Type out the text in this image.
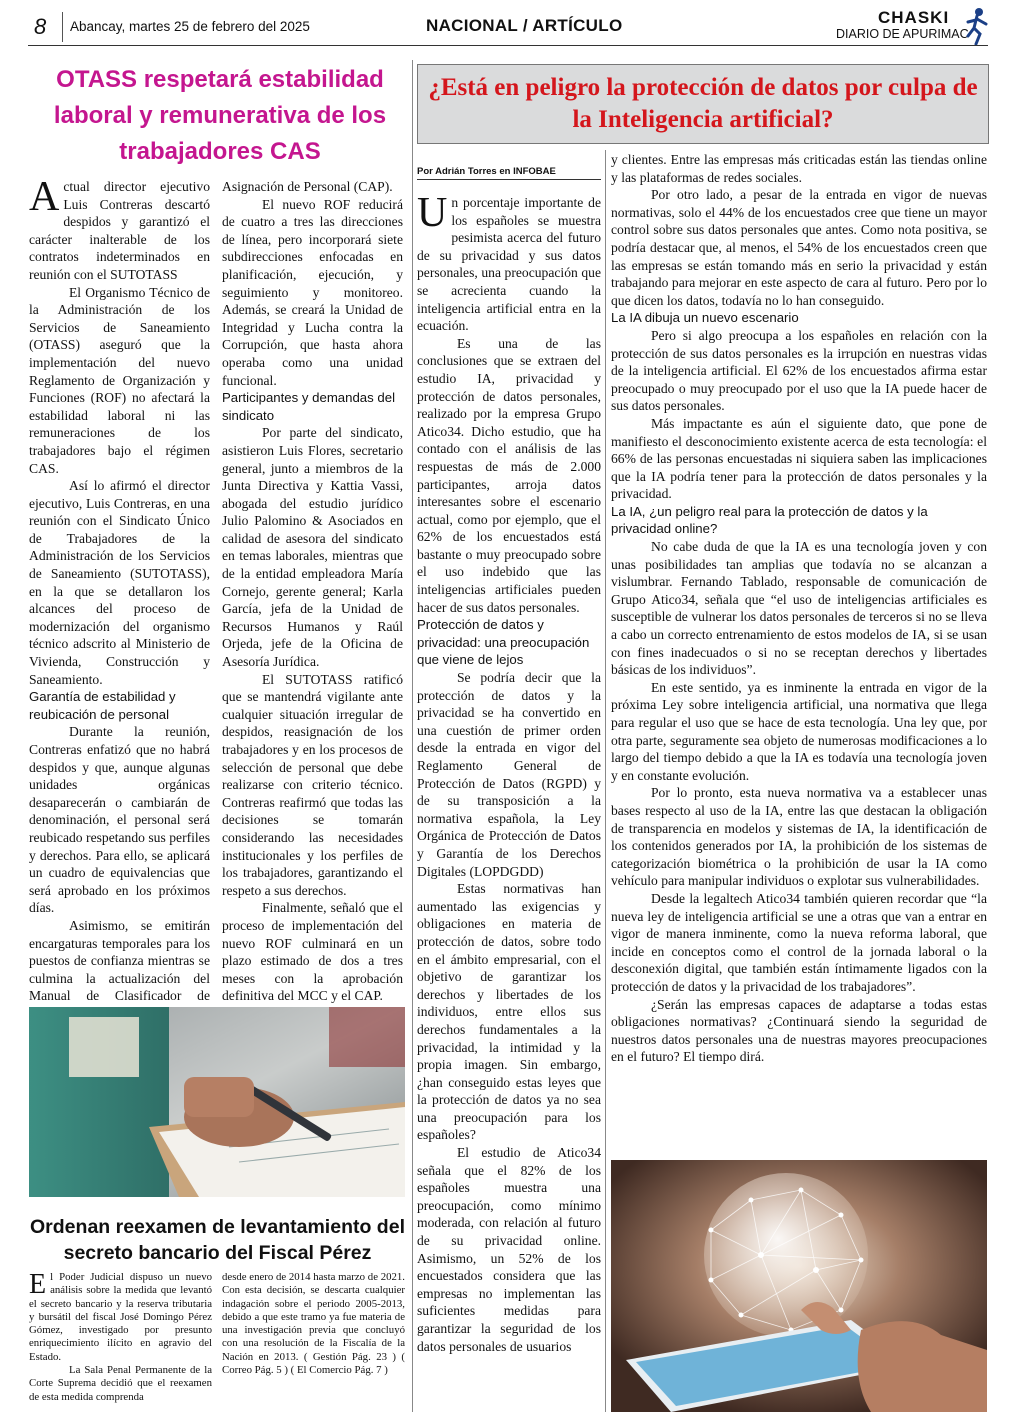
8 Abancay, martes 25 de febrero del 2025	NACIONAL / ARTÍCULO	CHASKI
DIARIO DE APURIMAC
OTASS respetará estabilidad laboral y remunerativa de los trabajadores CAS

Actual director ejecutivo Luis Contreras descartó despidos y garantizó el carácter inalterable de los contratos indeterminados en reunión con el SUTOTASS

El Organismo Técnico de la Administración de los Servicios de Saneamiento (OTASS) aseguró que la implementación del nuevo Reglamento de Organización y Funciones (ROF) no afectará la estabilidad laboral ni las remuneraciones de los trabajadores bajo el régimen CAS.

Así lo afirmó el director ejecutivo, Luis Contreras, en una reunión con el Sindicato Único de Trabajadores de la Administración de los Servicios de Saneamiento (SUTOTASS), en la que se detallaron los alcances del proceso de modernización del organismo técnico adscrito al Ministerio de Vivienda, Construcción y Saneamiento.

Garantía de estabilidad y reubicación de personal

Durante la reunión, Contreras enfatizó que no habrá despidos y que, aunque algunas unidades orgánicas desaparecerán o cambiarán de denominación, el personal será reubicado respetando sus perfiles y derechos. Para ello, se aplicará un cuadro de equivalencias que será aprobado en los próximos días.

Asimismo, se emitirán encargaturas temporales para los puestos de confianza mientras se culmina la actualización del Manual de Clasificador de

Asignación de Personal (CAP).

El nuevo ROF reducirá de cuatro a tres las direcciones de línea, pero incorporará siete subdirecciones enfocadas en planificación, ejecución, y seguimiento y monitoreo. Además, se creará la Unidad de Integridad y Lucha contra la Corrupción, que hasta ahora operaba como una unidad funcional.

Participantes y demandas del sindicato

Por parte del sindicato, asistieron Luis Flores, secretario general, junto a miembros de la Junta Directiva y Kattia Vassi, abogada del estudio jurídico Julio Palomino & Asociados en calidad de asesora del sindicato en temas laborales, mientras que de la entidad empleadora María Cornejo, gerente general; Karla García, jefa de la Unidad de Recursos Humanos y Raúl Orjeda, jefe de la Oficina de Asesoría Jurídica.

El SUTOTASS ratificó que se mantendrá vigilante ante cualquier situación irregular de despidos, reasignación de los trabajadores y en los procesos de selección de personal que debe realizarse con criterio técnico. Contreras reafirmó que todas las decisiones se tomarán considerando las necesidades institucionales y los perfiles de los trabajadores, garantizando el respeto a sus derechos.

Finalmente, señaló que el proceso de implementación del nuevo ROF culminará en un plazo estimado de dos a tres meses con la aprobación definitiva del MCC y el CAP.

Ordenan reexamen de levantamiento del secreto bancario del Fiscal Pérez

El Poder Judicial dispuso un nuevo análisis sobre la medida que levantó el secreto bancario y la reserva tributaria y bursátil del fiscal José Domingo Pérez Gómez, investigado por presunto enriquecimiento ilícito en agravio del Estado.

La Sala Penal Permanente de la Corte Suprema decidió que el reexamen de esta medida comprenda

desde enero de 2014 hasta marzo de 2021. Con esta decisión, se descarta cualquier indagación sobre el periodo 2005-2013, debido a que este tramo ya fue materia de una investigación previa que concluyó con una resolución de la Fiscalía de la Nación en 2013. ( Gestión Pág. 23 ) ( Correo Pág. 5 ) ( El Comercio Pág. 7 )

¿Está en peligro la protección de datos por culpa de la Inteligencia artificial?
Por Adrián Torres en INFOBAE

Un porcentaje importante de los españoles se muestra pesimista acerca del futuro de su privacidad y sus datos personales, una preocupación que se acrecienta cuando la inteligencia artificial entra en la ecuación.

Es una de las conclusiones que se extraen del estudio IA, privacidad y protección de datos personales, realizado por la empresa Grupo Atico34. Dicho estudio, que ha contado con el análisis de las respuestas de más de 2.000 participantes, arroja datos interesantes sobre el escenario actual, como por ejemplo, que el 62% de los encuestados está bastante o muy preocupado sobre el uso indebido que las inteligencias artificiales pueden hacer de sus datos personales.

Protección de datos y privacidad: una preocupación que viene de lejos

Se podría decir que la protección de datos y la privacidad se ha convertido en una cuestión de primer orden desde la entrada en vigor del Reglamento General de Protección de Datos (RGPD) y de su transposición a la normativa española, la Ley Orgánica de Protección de Datos y Garantía de los Derechos Digitales (LOPDGDD)

Estas normativas han aumentado las exigencias y obligaciones en materia de protección de datos, sobre todo en el ámbito empresarial, con el objetivo de garantizar los derechos y libertades de los individuos, entre ellos sus derechos fundamentales a la privacidad, la intimidad y la propia imagen. Sin embargo, ¿han conseguido estas leyes que la protección de datos ya no sea una preocupación para los españoles?

El estudio de Atico34 señala que el 82% de los españoles muestra una preocupación, como mínimo moderada, con relación al futuro de su privacidad online. Asimismo, un 52% de los encuestados considera que las empresas no implementan las suficientes medidas para garantizar la seguridad de los datos personales de usuarios

y clientes. Entre las empresas más criticadas están las tiendas online y las plataformas de redes sociales.

Por otro lado, a pesar de la entrada en vigor de nuevas normativas, solo el 44% de los encuestados cree que tiene un mayor control sobre sus datos personales que antes. Como nota positiva, se podría destacar que, al menos, el 54% de los encuestados creen que las empresas se están tomando más en serio la privacidad y están trabajando para mejorar en este aspecto de cara al futuro. Pero por lo que dicen los datos, todavía no lo han conseguido.

La IA dibuja un nuevo escenario

Pero si algo preocupa a los españoles en relación con la protección de sus datos personales es la irrupción en nuestras vidas de la inteligencia artificial. El 62% de los encuestados afirma estar preocupado o muy preocupado por el uso que la IA puede hacer de sus datos personales.

Más impactante es aún el siguiente dato, que pone de manifiesto el desconocimiento existente acerca de esta tecnología: el 66% de las personas encuestadas ni siquiera saben las implicaciones que la IA podría tener para la protección de datos personales y la privacidad.

La IA, ¿un peligro real para la protección de datos y la privacidad online?

No cabe duda de que la IA es una tecnología joven y con unas posibilidades tan amplias que todavía no se alcanzan a vislumbrar. Fernando Tablado, responsable de comunicación de Grupo Atico34, señala que “el uso de inteligencias artificiales es susceptible de vulnerar los datos personales de terceros si no se lleva a cabo un correcto entrenamiento de estos modelos de IA, si se usan con fines inadecuados o si no se receptan derechos y libertades básicas de los individuos”.

En este sentido, ya es inminente la entrada en vigor de la próxima Ley sobre inteligencia artificial, una normativa que llega para regular el uso que se hace de esta tecnología. Una ley que, por otra parte, seguramente sea objeto de numerosas modificaciones a lo largo del tiempo debido a que la IA es todavía una tecnología joven y en constante evolución.

Por lo pronto, esta nueva normativa va a establecer unas bases respecto al uso de la IA, entre las que destacan la obligación de transparencia en modelos y sistemas de IA, la identificación de los contenidos generados por IA, la prohibición de los sistemas de categorización biométrica o la prohibición de usar la IA como vehículo para manipular individuos o explotar sus vulnerabilidades.

Desde la legaltech Atico34 también quieren recordar que “la nueva ley de inteligencia artificial se une a otras que van a entrar en vigor de manera inminente, como la nueva reforma laboral, que incide en conceptos como el control de la jornada laboral o la desconexión digital, que también están íntimamente ligados con la protección de datos y la privacidad de los trabajadores”.

¿Serán las empresas capaces de adaptarse a todas estas obligaciones normativas? ¿Continuará siendo la seguridad de nuestros datos personales una de nuestras mayores preocupaciones en el futuro? El tiempo dirá.
